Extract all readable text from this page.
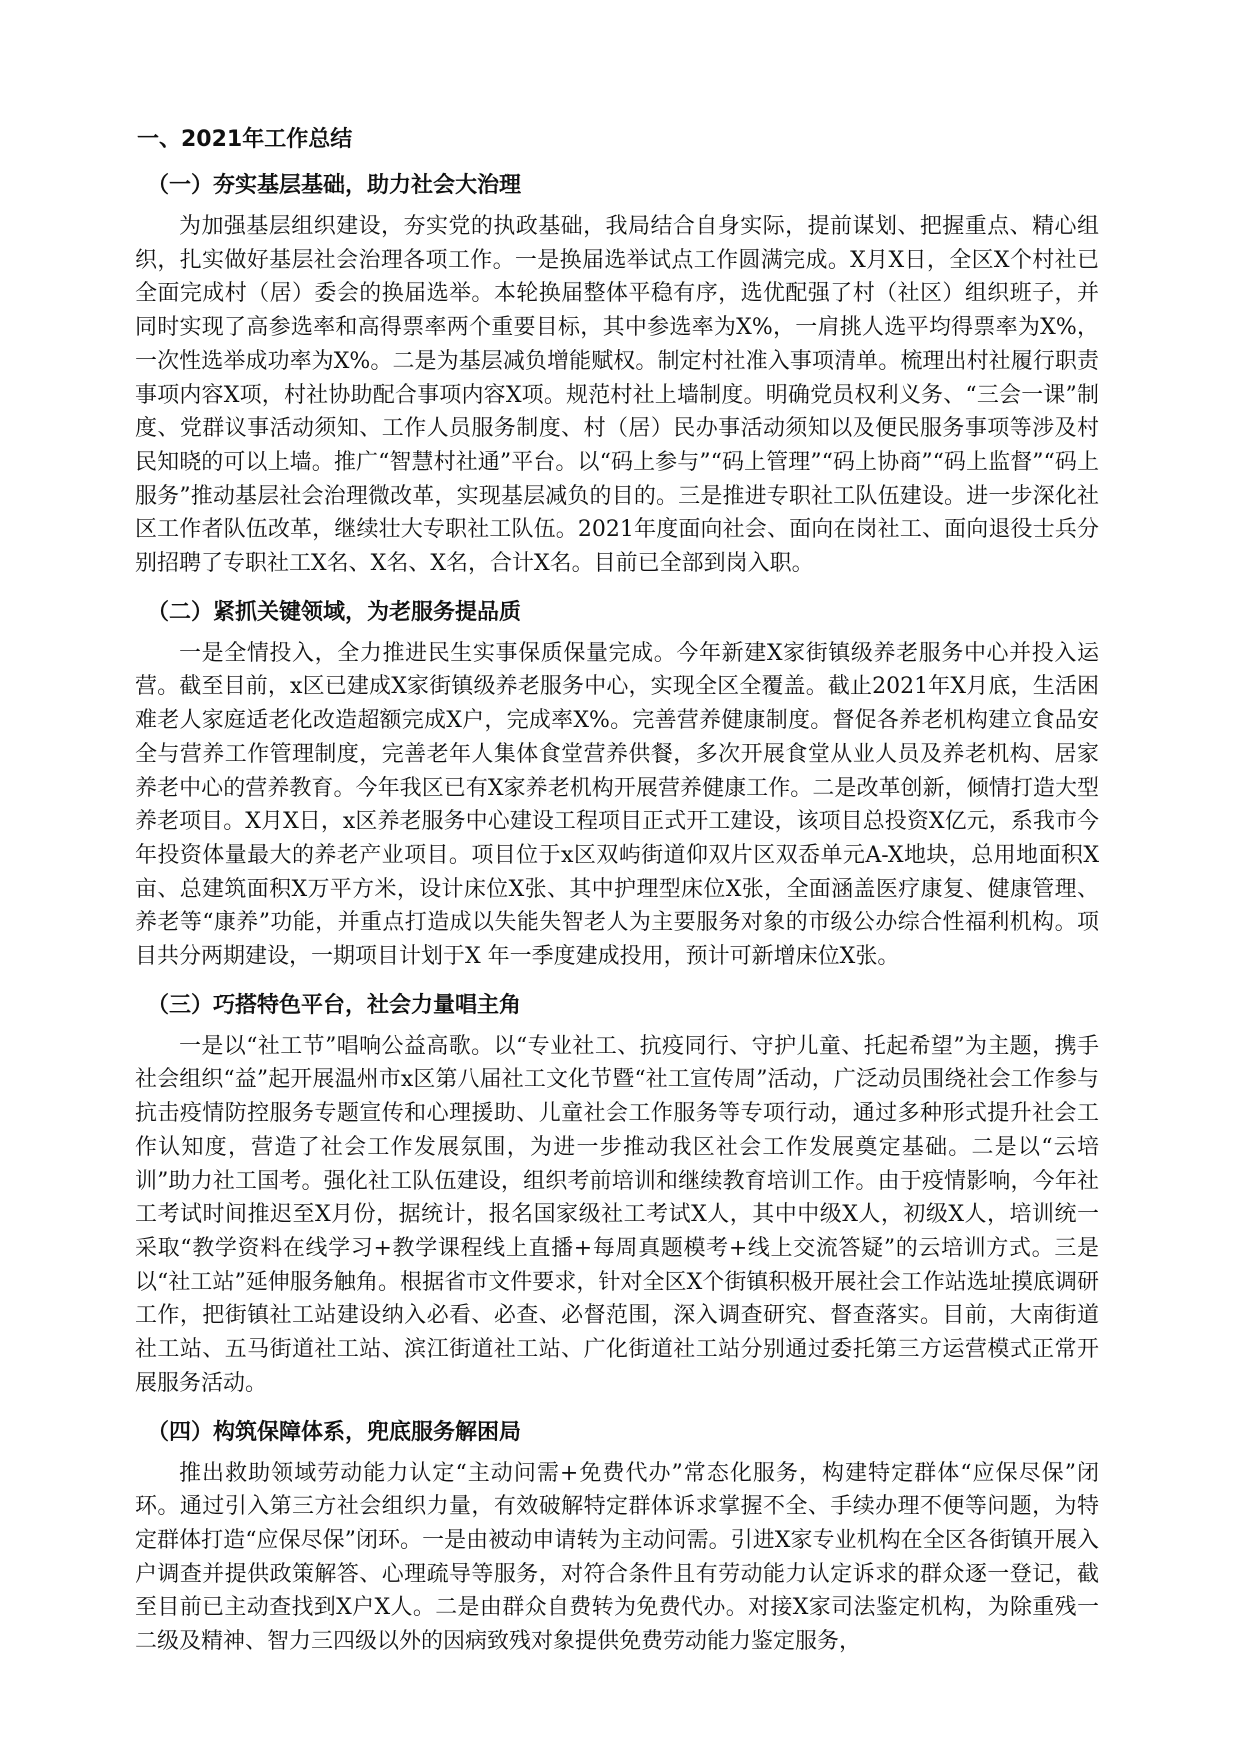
一、2021年工作总结
（一）夯实基层基础，助力社会大治理

为加强基层组织建设，夯实党的执政基础，我局结合自身实际，提前谋划、把握重点、精心组织，扎实做好基层社会治理各项工作。一是换届选举试点工作圆满完成。X月X日，全区X个村社已全面完成村（居）委会的换届选举。本轮换届整体平稳有序，选优配强了村（社区）组织班子，并同时实现了高参选率和高得票率两个重要目标，其中参选率为X%，一肩挑人选平均得票率为X%，一次性选举成功率为X%。二是为基层减负增能赋权。制定村社准入事项清单。梳理出村社履行职责事项内容X项，村社协助配合事项内容X项。规范村社上墙制度。明确党员权利义务、“三会一课”制度、党群议事活动须知、工作人员服务制度、村（居）民办事活动须知以及便民服务事项等涉及村民知晓的可以上墙。推广“智慧村社通”平台。以“码上参与”“码上管理”“码上协商”“码上监督”“码上服务”推动基层社会治理微改革，实现基层减负的目的。三是推进专职社工队伍建设。进一步深化社区工作者队伍改革，继续壮大专职社工队伍。2021年度面向社会、面向在岗社工、面向退役士兵分别招聘了专职社工X名、X名、X名，合计X名。目前已全部到岗入职。

（二）紧抓关键领域，为老服务提品质

一是全情投入，全力推进民生实事保质保量完成。今年新建X家街镇级养老服务中心并投入运营。截至目前，x区已建成X家街镇级养老服务中心，实现全区全覆盖。截止2021年X月底，生活困难老人家庭适老化改造超额完成X户，完成率X%。完善营养健康制度。督促各养老机构建立食品安全与营养工作管理制度，完善老年人集体食堂营养供餐，多次开展食堂从业人员及养老机构、居家养老中心的营养教育。今年我区已有X家养老机构开展营养健康工作。二是改革创新，倾情打造大型养老项目。X月X日，x区养老服务中心建设工程项目正式开工建设，该项目总投资X亿元，系我市今年投资体量最大的养老产业项目。项目位于x区双屿街道仰双片区双岙单元A-X地块，总用地面积X亩、总建筑面积X万平方米，设计床位X张、其中护理型床位X张，全面涵盖医疗康复、健康管理、养老等“康养”功能，并重点打造成以失能失智老人为主要服务对象的市级公办综合性福利机构。项目共分两期建设，一期项目计划于X 年一季度建成投用，预计可新增床位X张。

（三）巧搭特色平台，社会力量唱主角

一是以“社工节”唱响公益高歌。以“专业社工、抗疫同行、守护儿童、托起希望”为主题，携手社会组织“益”起开展温州市x区第八届社工文化节暨“社工宣传周”活动，广泛动员围绕社会工作参与抗击疫情防控服务专题宣传和心理援助、儿童社会工作服务等专项行动，通过多种形式提升社会工作认知度，营造了社会工作发展氛围，为进一步推动我区社会工作发展奠定基础。二是以“云培训”助力社工国考。强化社工队伍建设，组织考前培训和继续教育培训工作。由于疫情影响，今年社工考试时间推迟至X月份，据统计，报名国家级社工考试X人，其中中级X人，初级X人，培训统一采取“教学资料在线学习+教学课程线上直播+每周真题模考+线上交流答疑”的云培训方式。三是以“社工站”延伸服务触角。根据省市文件要求，针对全区X个街镇积极开展社会工作站选址摸底调研工作，把街镇社工站建设纳入必看、必查、必督范围，深入调查研究、督查落实。目前，大南街道社工站、五马街道社工站、滨江街道社工站、广化街道社工站分别通过委托第三方运营模式正常开展服务活动。

（四）构筑保障体系，兜底服务解困局

推出救助领域劳动能力认定“主动问需+免费代办”常态化服务，构建特定群体“应保尽保”闭环。通过引入第三方社会组织力量，有效破解特定群体诉求掌握不全、手续办理不便等问题，为特定群体打造“应保尽保”闭环。一是由被动申请转为主动问需。引进X家专业机构在全区各街镇开展入户调查并提供政策解答、心理疏导等服务，对符合条件且有劳动能力认定诉求的群众逐一登记，截至目前已主动查找到X户X人。二是由群众自费转为免费代办。对接X家司法鉴定机构，为除重残一二级及精神、智力三四级以外的因病致残对象提供免费劳动能力鉴定服务，
